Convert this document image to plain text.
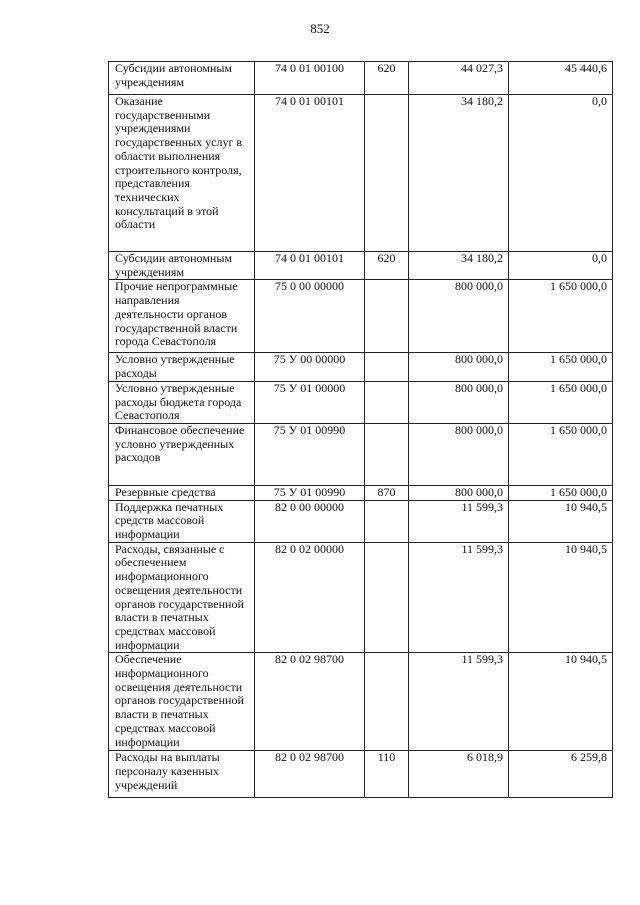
852
Субсидии автономным учреждениям	74 0 01 00100	620	44 027,3	45 440,6
Оказание государственными учреждениями государственных услуг в области выполнения строительного контроля, представления технических консультаций в этой области	74 0 01 00101		34 180,2	0,0
Субсидии автономным учреждениям	74 0 01 00101	620	34 180,2	0,0
Прочие непрограммные направления деятельности органов государственной власти города Севастополя	75 0 00 00000		800 000,0	1 650 000,0
Условно утвержденные расходы	75 У 00 00000		800 000,0	1 650 000,0
Условно утвержденные расходы бюджета города Севастополя	75 У 01 00000		800 000,0	1 650 000,0
Финансовое обеспечение условно утвержденных расходов	75 У 01 00990		800 000,0	1 650 000,0
Резервные средства	75 У 01 00990	870	800 000,0	1 650 000,0
Поддержка печатных средств массовой информации	82 0 00 00000		11 599,3	10 940,5
Расходы, связанные с обеспечением информационного освещения деятельности органов государственной власти в печатных средствах массовой информации	82 0 02 00000		11 599,3	10 940,5
Обеспечение информационного освещения деятельности органов государственной власти в печатных средствах массовой информации	82 0 02 98700		11 599,3	10 940,5
Расходы на выплаты персоналу казенных учреждений	82 0 02 98700	110	6 018,9	6 259,8
